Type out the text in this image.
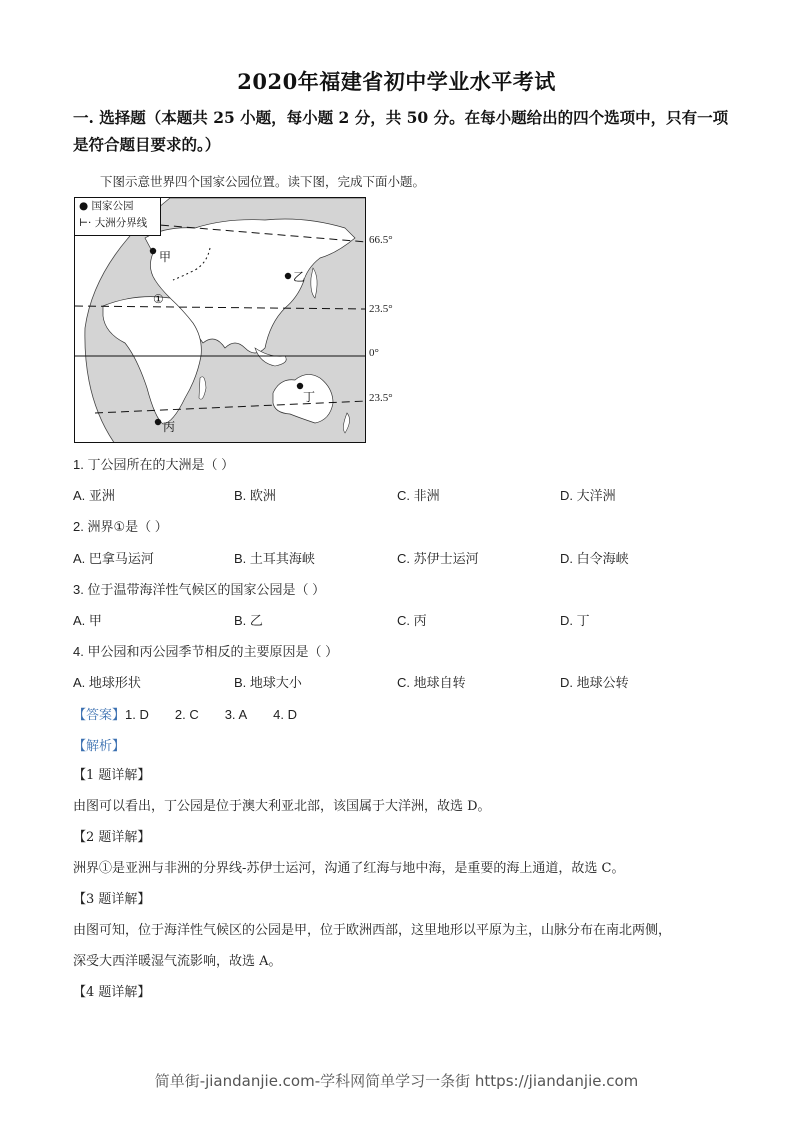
2020年福建省初中学业水平考试
一. 选择题（本题共 25 小题，每小题 2 分，共 50 分。在每小题给出的四个选项中，只有一项是符合题目要求的。）
下图示意世界四个国家公园位置。读下图，完成下面小题。
● 国家公园
⊢· 大洲分界线
甲
乙
丙
丁
①
66.5°
23.5°
0°
23.5°
1. 丁公园所在的大洲是（ ）
A. 亚洲	B. 欧洲	C. 非洲	D. 大洋洲
2. 洲界①是（ ）
A. 巴拿马运河	B. 土耳其海峡	C. 苏伊士运河	D. 白令海峡
3. 位于温带海洋性气候区的国家公园是（ ）
A. 甲	B. 乙	C. 丙	D. 丁
4. 甲公园和丙公园季节相反的主要原因是（ ）
A. 地球形状	B. 地球大小	C. 地球自转	D. 地球公转
【答案】1. D 2. C 3. A 4. D
【解析】
【1 题详解】
由图可以看出，丁公园是位于澳大利亚北部，该国属于大洋洲，故选 D。
【2 题详解】
洲界①是亚洲与非洲的分界线-苏伊士运河，沟通了红海与地中海，是重要的海上通道，故选 C。
【3 题详解】
由图可知，位于海洋性气候区的公园是甲，位于欧洲西部，这里地形以平原为主，山脉分布在南北两侧，
深受大西洋暖湿气流影响，故选 A。
【4 题详解】
简单街-jiandanjie.com-学科网简单学习一条街 https://jiandanjie.com
